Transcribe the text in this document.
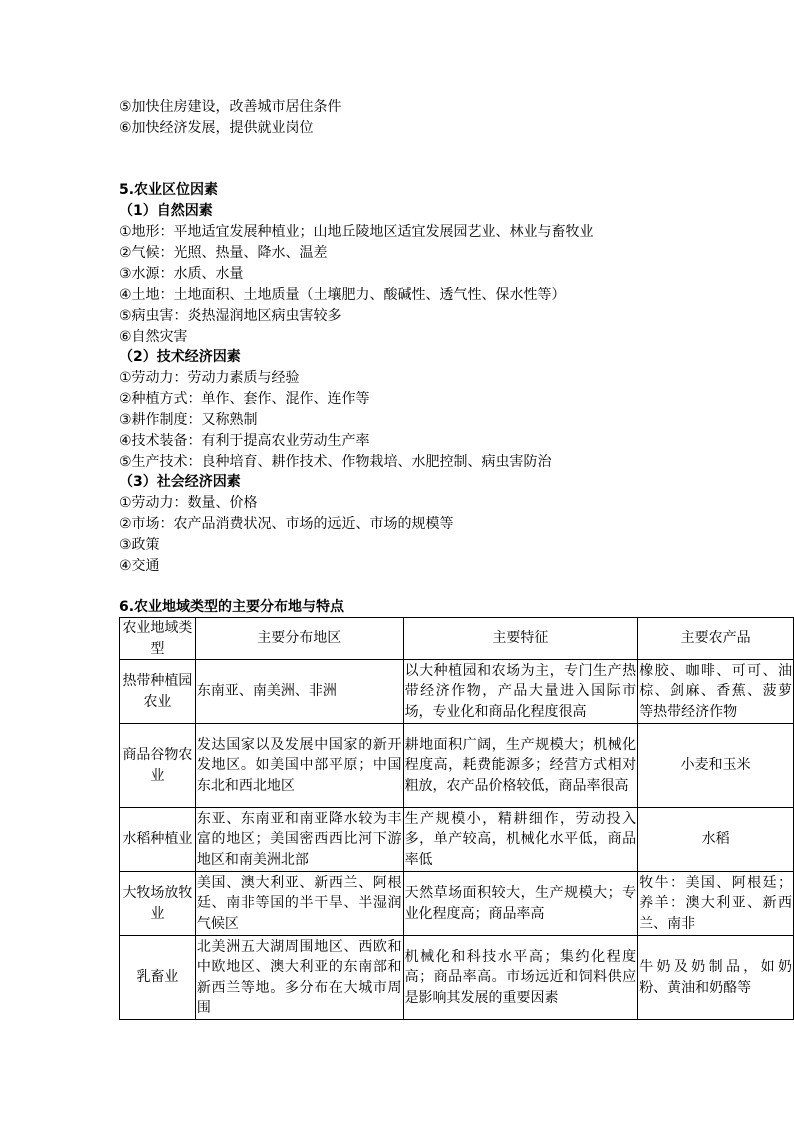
⑤加快住房建设，改善城市居住条件
⑥加快经济发展，提供就业岗位
5.农业区位因素
（1）自然因素
①地形：平地适宜发展种植业；山地丘陵地区适宜发展园艺业、林业与畜牧业
②气候：光照、热量、降水、温差
③水源：水质、水量
④土地：土地面积、土地质量（土壤肥力、酸碱性、透气性、保水性等）
⑤病虫害：炎热湿润地区病虫害较多
⑥自然灾害
（2）技术经济因素
①劳动力：劳动力素质与经验
②种植方式：单作、套作、混作、连作等
③耕作制度：又称熟制
④技术装备：有利于提高农业劳动生产率
⑤生产技术：良种培育、耕作技术、作物栽培、水肥控制、病虫害防治
（3）社会经济因素
①劳动力：数量、价格
②市场：农产品消费状况、市场的远近、市场的规模等
③政策
④交通
6.农业地域类型的主要分布地与特点
农业地域类型	主要分布地区	主要特征	主要农产品
热带种植园农业	东南亚、南美洲、非洲	以大种植园和农场为主，专门生产热带经济作物，产品大量进入国际市场，专业化和商品化程度很高	橡胶、咖啡、可可、油棕、剑麻、香蕉、菠萝等热带经济作物
商品谷物农业	发达国家以及发展中国家的新开发地区。如美国中部平原；中国东北和西北地区	耕地面积广阔，生产规模大；机械化程度高，耗费能源多；经营方式相对粗放，农产品价格较低，商品率很高	小麦和玉米
水稻种植业	东亚、东南亚和南亚降水较为丰富的地区；美国密西西比河下游地区和南美洲北部	生产规模小，精耕细作，劳动投入多，单产较高，机械化水平低，商品率低	水稻
大牧场放牧业	美国、澳大利亚、新西兰、阿根廷、南非等国的半干旱、半湿润气候区	天然草场面积较大，生产规模大；专业化程度高；商品率高	牧牛：美国、阿根廷；养羊：澳大利亚、新西兰、南非
乳畜业	北美洲五大湖周围地区、西欧和中欧地区、澳大利亚的东南部和新西兰等地。多分布在大城市周围	机械化和科技水平高；集约化程度高；商品率高。市场远近和饲料供应是影响其发展的重要因素	牛奶及奶制品，如奶粉、黄油和奶酪等
